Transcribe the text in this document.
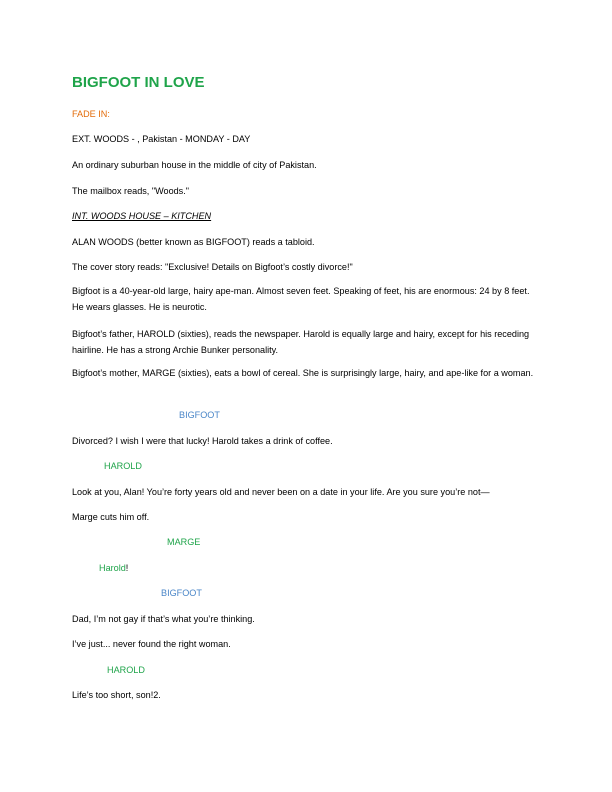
BIGFOOT IN LOVE
FADE IN:
EXT. WOODS - , Pakistan - MONDAY - DAY
An ordinary suburban house in the middle of city of Pakistan.
The mailbox reads, "Woods."
INT. WOODS HOUSE – KITCHEN
ALAN WOODS (better known as BIGFOOT) reads a tabloid.
The cover story reads: "Exclusive! Details on Bigfoot’s costly divorce!"
Bigfoot is a 40-year-old large, hairy ape-man. Almost seven feet. Speaking of feet, his are enormous: 24 by 8 feet. He wears glasses. He is neurotic.
Bigfoot’s father, HAROLD (sixties), reads the newspaper. Harold is equally large and hairy, except for his receding hairline. He has a strong Archie Bunker personality.
Bigfoot’s mother, MARGE (sixties), eats a bowl of cereal. She is surprisingly large, hairy, and ape-like for a woman.
BIGFOOT
Divorced? I wish I were that lucky! Harold takes a drink of coffee.
HAROLD
Look at you, Alan! You’re forty years old and never been on a date in your life. Are you sure you’re not—
Marge cuts him off.
MARGE
Harold!
BIGFOOT
Dad, I’m not gay if that’s what you’re thinking.
I’ve just... never found the right woman.
HAROLD
Life’s too short, son!2.
